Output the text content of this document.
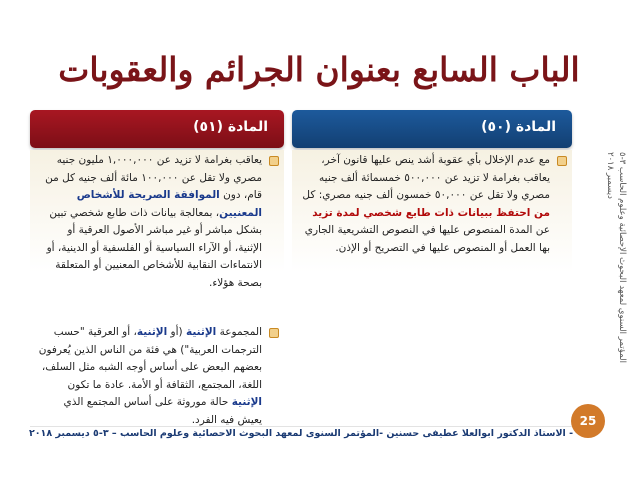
الباب السابع بعنوان الجرائم والعقوبات
المادة (٥١)
يعاقب بغرامة لا تزيد عن ١,٠٠٠,٠٠٠ مليون جنيه مصري ولا تقل عن ١٠٠,٠٠٠ مائة ألف جنيه كل من قام، دون الموافقة الصريحة للأشخاص المعنيين، بمعالجة بيانات ذات طابع شخصي تبين بشكل مباشر أو غير مباشر الأصول العرقية أو الإثنية، أو الآراء السياسية أو الفلسفية أو الدينية، أو الانتماءات النقابية للأشخاص المعنيين أو المتعلقة بصحة هؤلاء.
المجموعة الإثنية (أو الإثنية، أو العرقية "حسب الترجمات العربية") هي فئة من الناس الذين يُعرفون بعضهم البعض على أساس أوجه الشبه مثل السلف، اللغة، المجتمع، الثقافة أو الأمة. عادة ما تكون الإثنية حالة موروثة على أساس المجتمع الذي يعيش فيه الفرد.
المادة (٥٠)
مع عدم الإخلال بأي عقوبة أشد ينص عليها قانون آخر، يعاقب بغرامة لا تزيد عن ٥٠٠,٠٠٠ خمسمائة ألف جنيه مصري ولا تقل عن ٥٠,٠٠٠ خمسون ألف جنيه مصري: كل من احتفظ ببيانات ذات طابع شخصي لمدة تزيد عن المدة المنصوص عليها في النصوص التشريعية الجاري بها العمل أو المنصوص عليها في التصريح أو الإذن.
المؤتمر السنوي لمعهد البحوث الإحصائية وعلوم الحاسب ٣-٥ ديسمبر ٢٠١٨
25
- الاستاذ الدكتور ابوالعلا عطيفى حسنين -المؤتمر السنوى لمعهد البحوث الاحصائية وعلوم الحاسب – ٣-٥ ديسمبر ٢٠١٨
